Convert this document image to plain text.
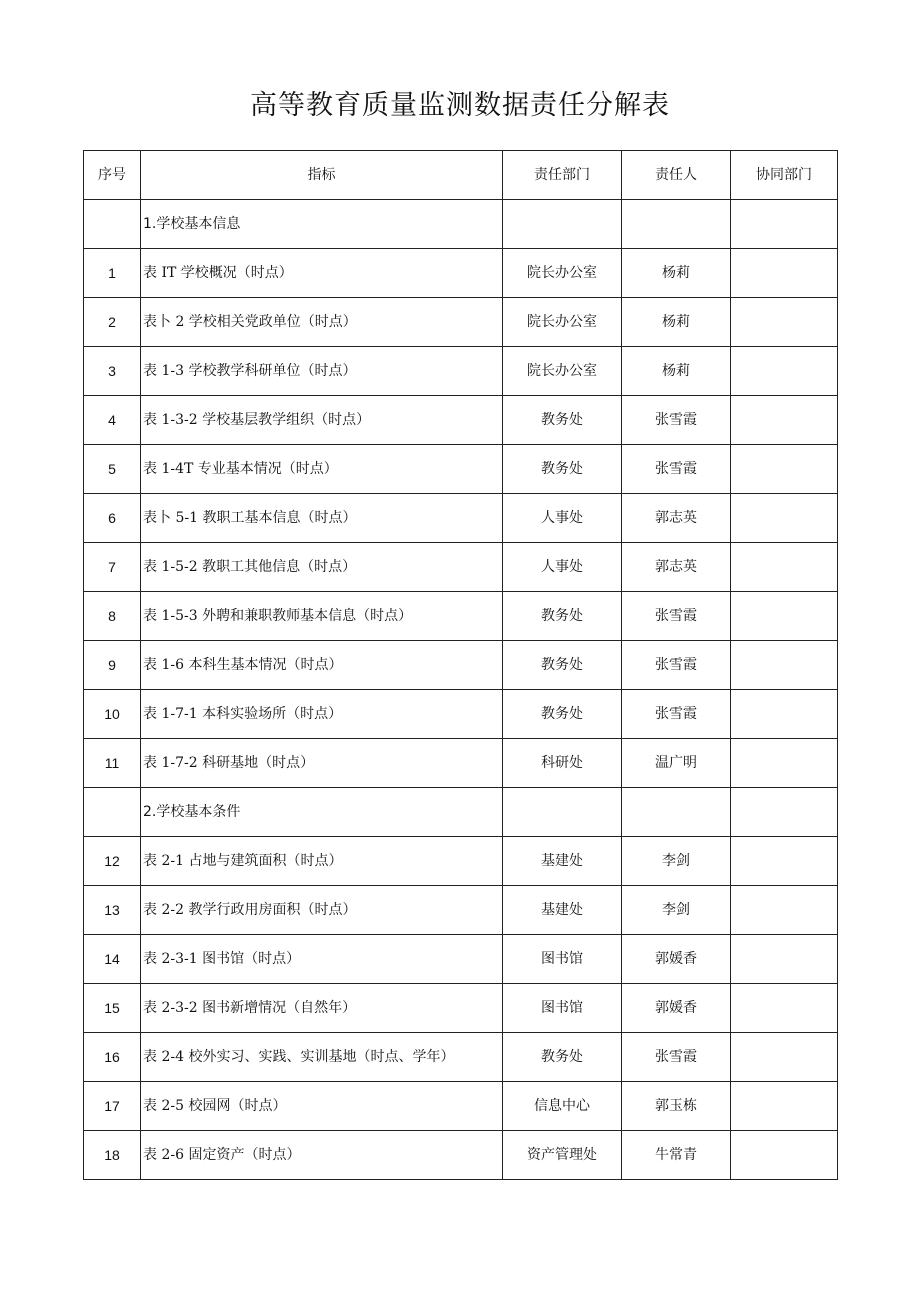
高等教育质量监测数据责任分解表
序号	指标	责任部门	责任人	协同部门
	1.学校基本信息			
1	表 IT 学校概况（时点）	院长办公室	杨莉	
2	表卜 2 学校相关党政单位（时点）	院长办公室	杨莉	
3	表 1-3 学校教学科研单位（时点）	院长办公室	杨莉	
4	表 1-3-2 学校基层教学组织（时点）	教务处	张雪霞	
5	表 1-4T 专业基本情况（时点）	教务处	张雪霞	
6	表卜 5-1 教职工基本信息（时点）	人事处	郭志英	
7	表 1-5-2 教职工其他信息（时点）	人事处	郭志英	
8	表 1-5-3 外聘和兼职教师基本信息（时点）	教务处	张雪霞	
9	表 1-6 本科生基本情况（时点）	教务处	张雪霞	
10	表 1-7-1 本科实验场所（时点）	教务处	张雪霞	
11	表 1-7-2 科研基地（时点）	科研处	温广明	
	2.学校基本条件			
12	表 2-1 占地与建筑面积（时点）	基建处	李剑	
13	表 2-2 教学行政用房面积（时点）	基建处	李剑	
14	表 2-3-1 图书馆（时点）	图书馆	郭媛香	
15	表 2-3-2 图书新增情况（自然年）	图书馆	郭媛香	
16	表 2-4 校外实习、实践、实训基地（时点、学年）	教务处	张雪霞	
17	表 2-5 校园网（时点）	信息中心	郭玉栋	
18	表 2-6 固定资产（时点）	资产管理处	牛常青	
